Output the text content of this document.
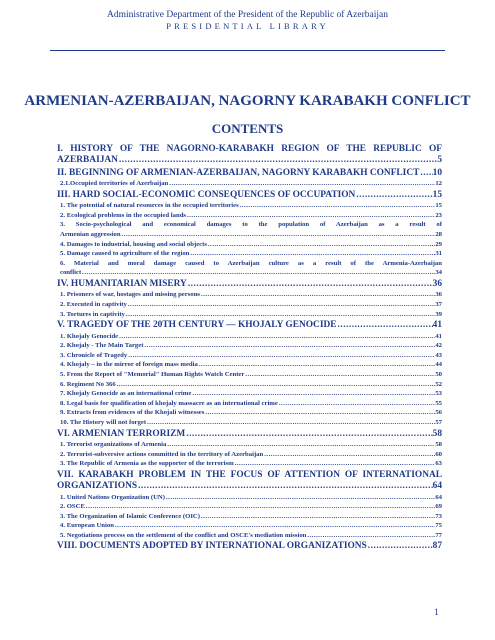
Administrative Department of the President of the Republic of Azerbaijan
PRESIDENTIAL LIBRARY
ARMENIAN-AZERBAIJAN, NAGORNY KARABAKH CONFLICT
CONTENTS
I. HISTORY OF THE NAGORNO-KARABAKH REGION OF THE REPUBLIC OF
AZERBAIJAN .....	5
II. BEGINNING OF ARMENIAN-AZERBAIJAN, NAGORNY KARABAKH CONFLICT ..... 10
2.1.Occupied territories of Azerbaijan .....	12
III. HARD SOCIAL-ECONOMIC CONSEQUENCES OF OCCUPATION .....	15
1. The potential of natural resources in the occupied territories .....	15
2. Ecological problems in the occupied lands .....	23
3. Socio-psychological and economical damages to the population of Azerbaijan as a result of
Armenian aggression .....	28
4. Damages to industrial, housing and social objects .....	29
5. Damage caused to agriculture of the region .....	31
6. Material and moral damage caused to Azerbaijan culture as a result of the Armenia-Azerbaijan
conflict .....	34
IV. HUMANITARIAN MISERY .....	36
1. Prisoners of war, hostages and missing persons .....	36
2. Executed in captivity .....	37
3. Tortures in captivity .....	39
V. TRAGEDY OF THE 20TH CENTURY — KHOJALY GENOCIDE .....	41
1. Khojaly Genocide .....	41
2. Khojaly - The Main Target .....	42
3. Chronicle of Tragedy .....	43
4. Khojaly – in the mirror of foreign mass media .....	44
5. From the Report of "Memorial" Human Rights Watch Center .....	50
6. Regiment No 366 .....	52
7. Khojaly Genocide as an international crime .....	53
8. Legal basis for qualification of khojaly massacre as an international crime .....	55
9. Extracts from evidences of the Khojali witnesses .....	56
10. The History will not forget .....	57
VI. ARMENIAN TERRORIZM .....	58
1. Terrorist organizations of Armenia .....	58
2. Terrorist-subversive actions committed in the territory of Azerbaijan .....	60
3. The Republic of Armenia as the supporter of the terrorism .....	63
VII. KARABAKH PROBLEM IN THE FOCUS OF ATTENTION OF INTERNATIONAL
ORGANIZATIONS .....	64
1. United Nations Organization (UN) .....	64
2. OSCE .....	69
3. The Organization of Islamic Conference (OIC) .....	73
4. European Union .....	75
5. Negotiations process on the settlement of the conflict and OSCE's mediation mission .....	77
VIII. DOCUMENTS ADOPTED BY INTERNATIONAL ORGANIZATIONS .....	87
1
